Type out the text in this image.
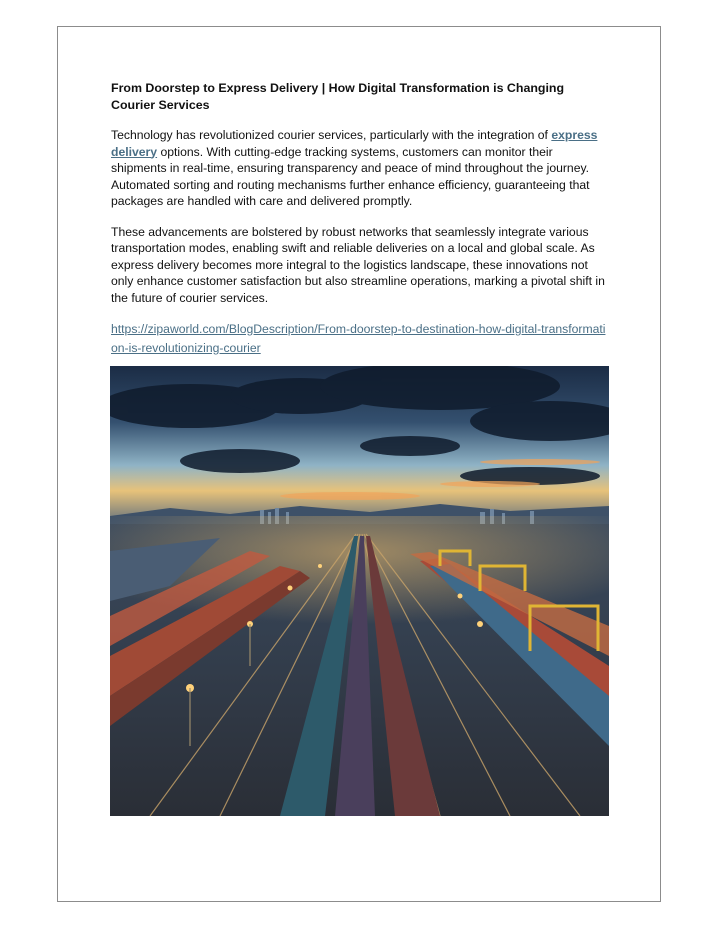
From Doorstep to Express Delivery | How Digital Transformation is Changing Courier Services

Technology has revolutionized courier services, particularly with the integration of express delivery options. With cutting-edge tracking systems, customers can monitor their shipments in real-time, ensuring transparency and peace of mind throughout the journey. Automated sorting and routing mechanisms further enhance efficiency, guaranteeing that packages are handled with care and delivered promptly.

These advancements are bolstered by robust networks that seamlessly integrate various transportation modes, enabling swift and reliable deliveries on a local and global scale. As express delivery becomes more integral to the logistics landscape, these innovations not only enhance customer satisfaction but also streamline operations, marking a pivotal shift in the future of courier services.

https://zipaworld.com/BlogDescription/From-doorstep-to-destination-how-digital-transformation-is-revolutionizing-courier
